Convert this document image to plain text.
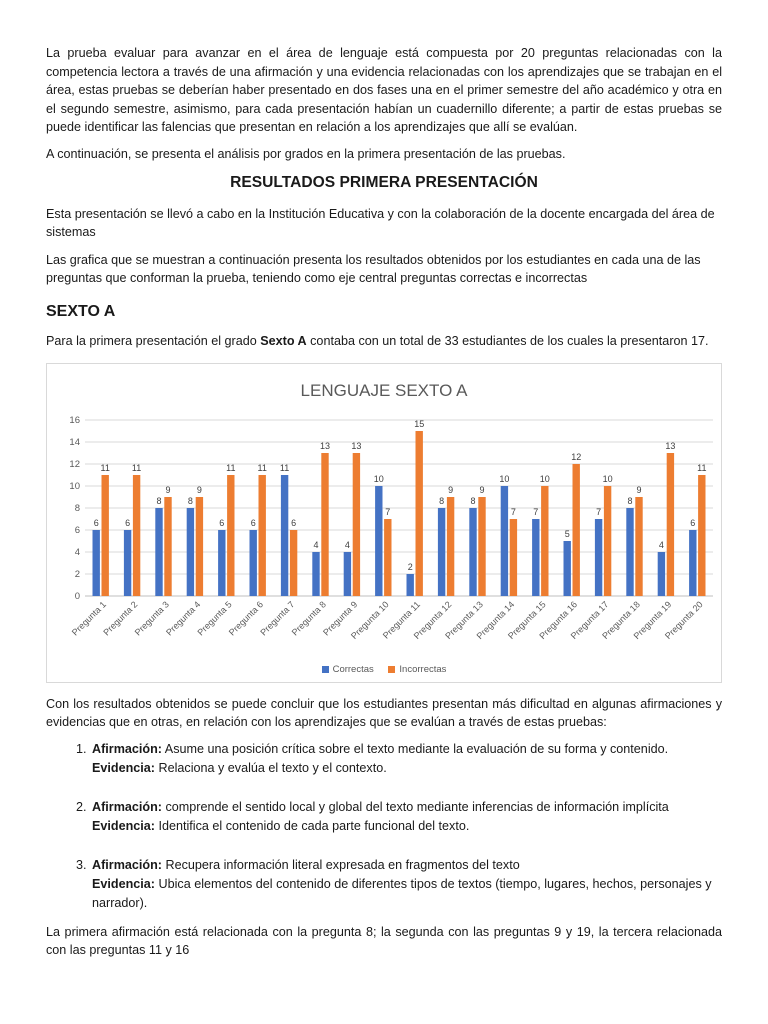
La prueba evaluar para avanzar en el área de lenguaje está compuesta por 20 preguntas relacionadas con la competencia lectora a través de una afirmación y una evidencia relacionadas con los aprendizajes que se trabajan en el área, estas pruebas se deberían haber presentado en dos fases una en el primer semestre del año académico y otra en el segundo semestre, asimismo, para cada presentación habían un cuadernillo diferente; a partir de estas pruebas se puede identificar las falencias que presentan en relación a los aprendizajes que allí se evalúan.

A continuación, se presenta el análisis por grados en la primera presentación de las pruebas.

RESULTADOS PRIMERA PRESENTACIÓN

Esta presentación se llevó a cabo en la Institución Educativa y con la colaboración de la docente encargada del área de sistemas

Las grafica que se muestran a continuación presenta los resultados obtenidos por los estudiantes en cada una de las preguntas que conforman la prueba, teniendo como eje central preguntas correctas e incorrectas

SEXTO A

Para la primera presentación el grado Sexto A contaba con un total de 33 estudiantes de los cuales la presentaron 17.

LENGUAJE SEXTO A
0
2
4
6
8
10
12
14
16
6
11
Pregunta 1
6
11
Pregunta 2
8
9
Pregunta 3
8
9
Pregunta 4
6
11
Pregunta 5
6
11
Pregunta 6
11
6
Pregunta 7
4
13
Pregunta 8
4
13
Pregunta 9
10
7
Pregunta 10
2
15
Pregunta 11
8
9
Pregunta 12
8
9
Pregunta 13
10
7
Pregunta 14
7
10
Pregunta 15
5
12
Pregunta 16
7
10
Pregunta 17
8
9
Pregunta 18
4
13
Pregunta 19
6
11
Pregunta 20
Correctas	Incorrectas

Con los resultados obtenidos se puede concluir que los estudiantes presentan más dificultad en algunas afirmaciones y evidencias que en otras, en relación con los aprendizajes que se evalúan a través de estas pruebas:

1. Afirmación: Asume una posición crítica sobre el texto mediante la evaluación de su forma y contenido.
Evidencia: Relaciona y evalúa el texto y el contexto.
2. Afirmación: comprende el sentido local y global del texto mediante inferencias de información implícita
Evidencia: Identifica el contenido de cada parte funcional del texto.
3. Afirmación: Recupera información literal expresada en fragmentos del texto
Evidencia: Ubica elementos del contenido de diferentes tipos de textos (tiempo, lugares, hechos, personajes y narrador).

La primera afirmación está relacionada con la pregunta 8; la segunda con las preguntas 9 y 19, la tercera relacionada con las preguntas 11 y 16
